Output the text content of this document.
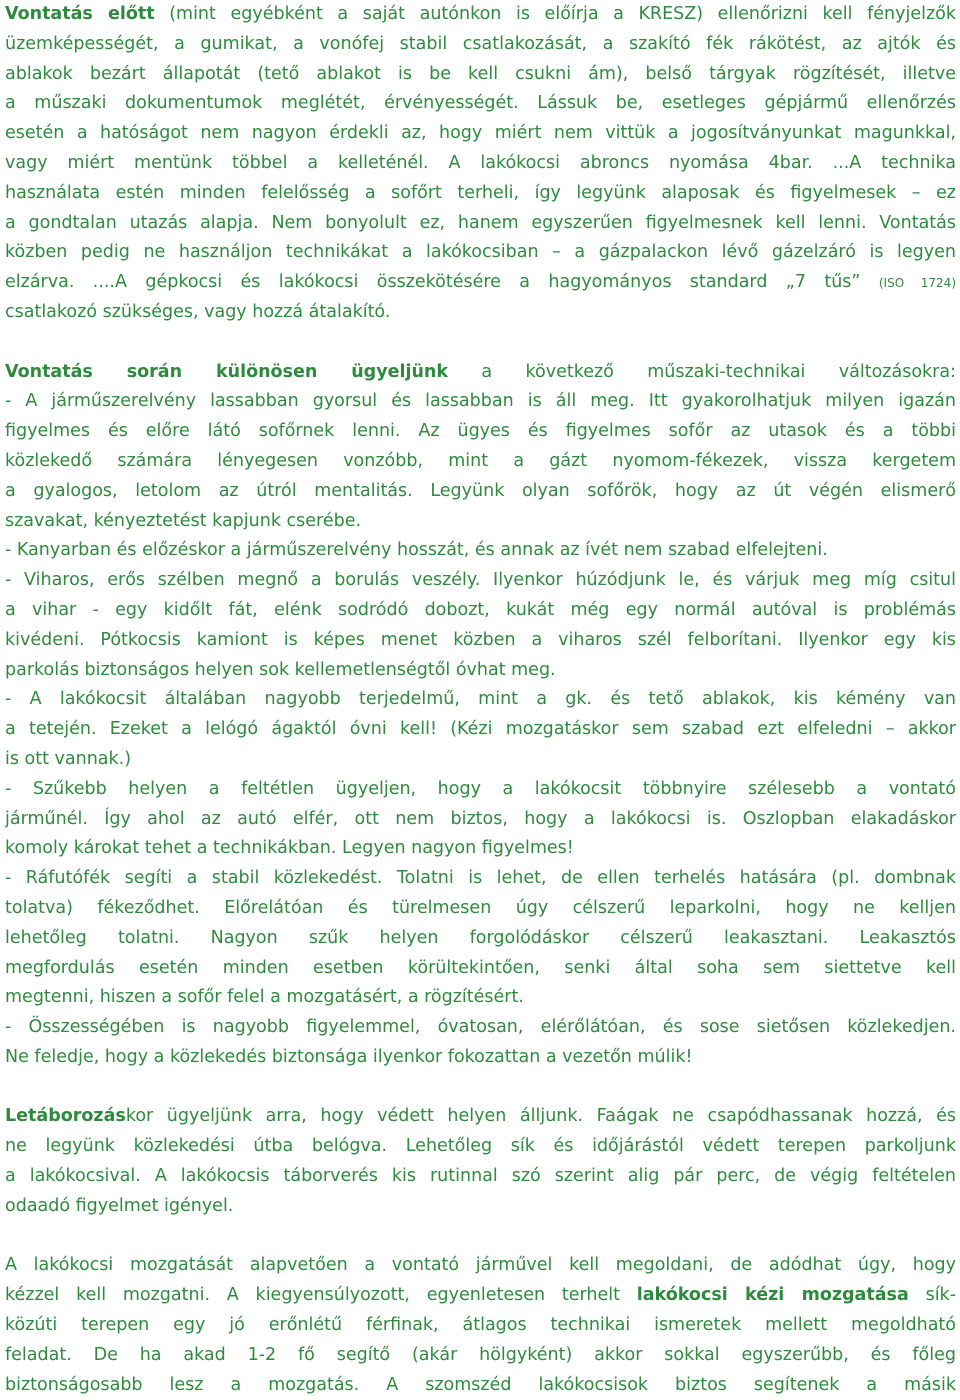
Vontatás előtt (mint egyébként a saját autónkon is előírja a KRESZ) ellenőrizni kell fényjelzők
üzemképességét, a gumikat, a vonófej stabil csatlakozását, a szakító fék rákötést, az ajtók és
ablakok bezárt állapotát (tető ablakot is be kell csukni ám), belső tárgyak rögzítését, illetve
a műszaki dokumentumok meglétét, érvényességét. Lássuk be, esetleges gépjármű ellenőrzés
esetén a hatóságot nem nagyon érdekli az, hogy miért nem vittük a jogosítványunkat magunkkal,
vagy miért mentünk többel a kelleténél. A lakókocsi abroncs nyomása 4bar. ...A technika
használata estén minden felelősség a sofőrt terheli, így legyünk alaposak és figyelmesek – ez
a gondtalan utazás alapja. Nem bonyolult ez, hanem egyszerűen figyelmesnek kell lenni. Vontatás
közben pedig ne használjon technikákat a lakókocsiban – a gázpalackon lévő gázelzáró is legyen
elzárva. ....A gépkocsi és lakókocsi összekötésére a hagyományos standard „7 tűs” (ISO 1724)
csatlakozó szükséges, vagy hozzá átalakító.
Vontatás során különösen ügyeljünk a következő műszaki-technikai változásokra:
- A járműszerelvény lassabban gyorsul és lassabban is áll meg. Itt gyakorolhatjuk milyen igazán
figyelmes és előre látó sofőrnek lenni. Az ügyes és figyelmes sofőr az utasok és a többi
közlekedő számára lényegesen vonzóbb, mint a gázt nyomom-fékezek, vissza kergetem
a gyalogos, letolom az útról mentalitás. Legyünk olyan sofőrök, hogy az út végén elismerő
szavakat, kényeztetést kapjunk cserébe.
- Kanyarban és előzéskor a járműszerelvény hosszát, és annak az ívét nem szabad elfelejteni.
- Viharos, erős szélben megnő a borulás veszély. Ilyenkor húzódjunk le, és várjuk meg míg csitul
a vihar - egy kidőlt fát, elénk sodródó dobozt, kukát még egy normál autóval is problémás
kivédeni. Pótkocsis kamiont is képes menet közben a viharos szél felborítani. Ilyenkor egy kis
parkolás biztonságos helyen sok kellemetlenségtől óvhat meg.
- A lakókocsit általában nagyobb terjedelmű, mint a gk. és tető ablakok, kis kémény van
a tetején. Ezeket a lelógó ágaktól óvni kell! (Kézi mozgatáskor sem szabad ezt elfeledni – akkor
is ott vannak.)
- Szűkebb helyen a feltétlen ügyeljen, hogy a lakókocsit többnyire szélesebb a vontató
járműnél. Így ahol az autó elfér, ott nem biztos, hogy a lakókocsi is. Oszlopban elakadáskor
komoly károkat tehet a technikákban. Legyen nagyon figyelmes!
- Ráfutófék segíti a stabil közlekedést. Tolatni is lehet, de ellen terhelés hatására (pl. dombnak
tolatva) fékeződhet. Előrelátóan és türelmesen úgy célszerű leparkolni, hogy ne kelljen
lehetőleg tolatni. Nagyon szűk helyen forgolódáskor célszerű leakasztani. Leakasztós
megfordulás esetén minden esetben körültekintően, senki által soha sem siettetve kell
megtenni, hiszen a sofőr felel a mozgatásért, a rögzítésért.
- Összességében is nagyobb figyelemmel, óvatosan, elérőlátóan, és sose sietősen közlekedjen.
Ne feledje, hogy a közlekedés biztonsága ilyenkor fokozattan a vezetőn múlik!
Letáborozáskor ügyeljünk arra, hogy védett helyen álljunk. Faágak ne csapódhassanak hozzá, és
ne legyünk közlekedési útba belógva. Lehetőleg sík és időjárástól védett terepen parkoljunk
a lakókocsival. A lakókocsis táborverés kis rutinnal szó szerint alig pár perc, de végig feltételen
odaadó figyelmet igényel.
A lakókocsi mozgatását alapvetően a vontató járművel kell megoldani, de adódhat úgy, hogy
kézzel kell mozgatni. A kiegyensúlyozott, egyenletesen terhelt lakókocsi kézi mozgatása sík-
közúti terepen egy jó erőnlétű férfinak, átlagos technikai ismeretek mellett megoldható
feladat. De ha akad 1-2 fő segítő (akár hölgyként) akkor sokkal egyszerűbb, és főleg
biztonságosabb lesz a mozgatás. A szomszéd lakókocsisok biztos segítenek a másik
